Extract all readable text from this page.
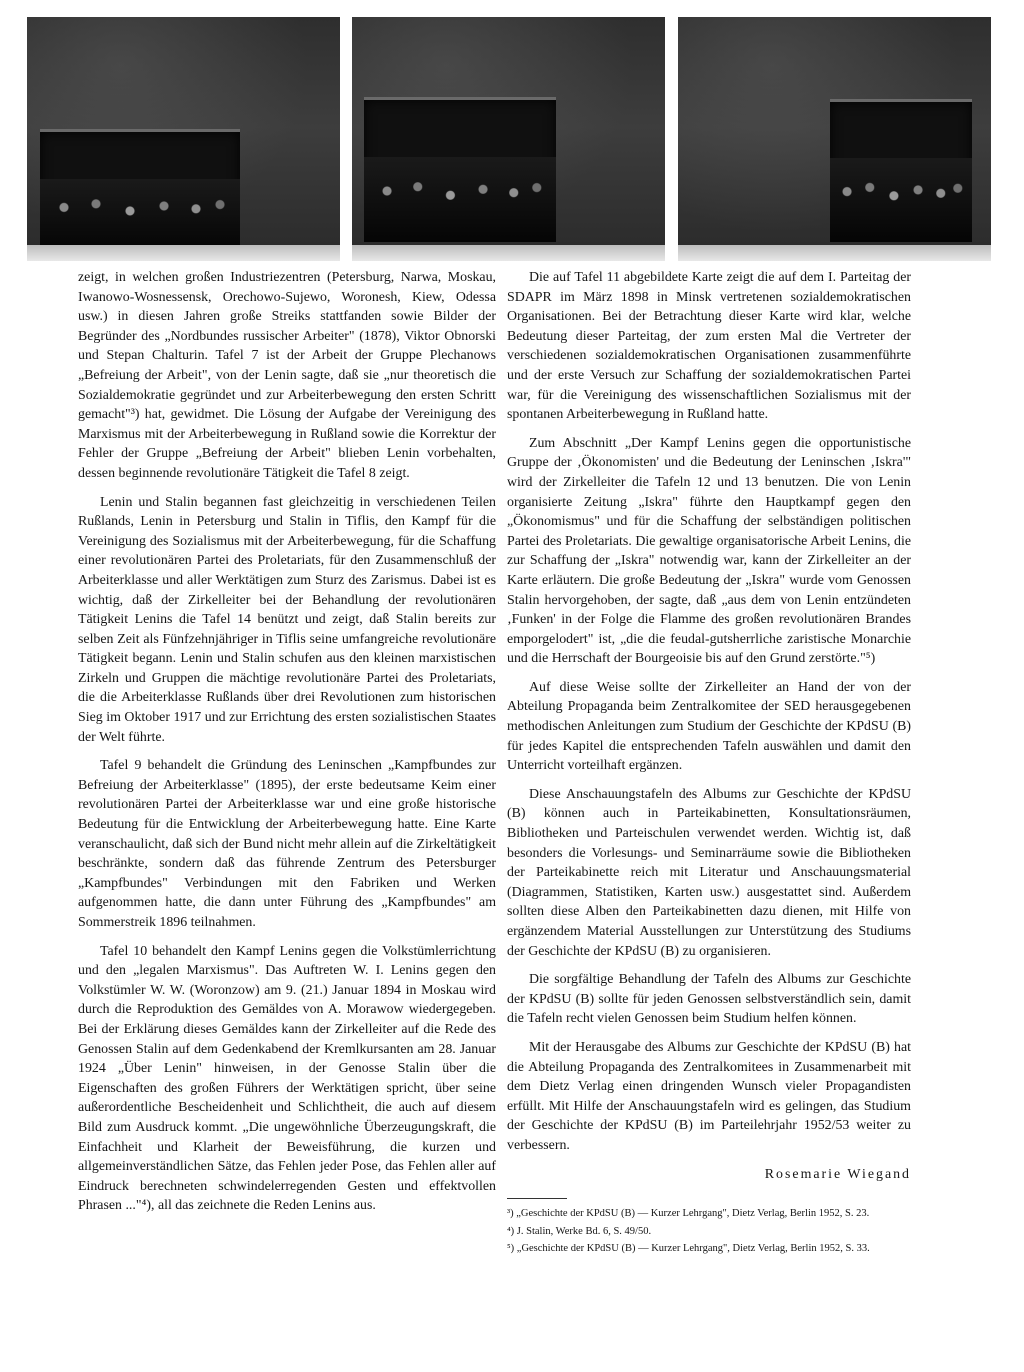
zeigt, in welchen großen Industriezentren (Petersburg, Narwa, Moskau, Iwanowo-Wosnessensk, Orechowo-Sujewo, Woronesh, Kiew, Odessa usw.) in diesen Jahren große Streiks stattfanden sowie Bilder der Begründer des „Nordbundes russischer Arbeiter" (1878), Viktor Obnorski und Stepan Chalturin. Tafel 7 ist der Arbeit der Gruppe Plechanows „Befreiung der Arbeit", von der Lenin sagte, daß sie „nur theoretisch die Sozialdemokratie gegründet und zur Arbeiterbewegung den ersten Schritt gemacht"³) hat, gewidmet. Die Lösung der Aufgabe der Vereinigung des Marxismus mit der Arbeiterbewegung in Rußland sowie die Korrektur der Fehler der Gruppe „Befreiung der Arbeit" blieben Lenin vorbehalten, dessen beginnende revolutionäre Tätigkeit die Tafel 8 zeigt.

Lenin und Stalin begannen fast gleichzeitig in verschiedenen Teilen Rußlands, Lenin in Petersburg und Stalin in Tiflis, den Kampf für die Vereinigung des Sozialismus mit der Arbeiterbewegung, für die Schaffung einer revolutionären Partei des Proletariats, für den Zusammenschluß der Arbeiterklasse und aller Werktätigen zum Sturz des Zarismus. Dabei ist es wichtig, daß der Zirkelleiter bei der Behandlung der revolutionären Tätigkeit Lenins die Tafel 14 benützt und zeigt, daß Stalin bereits zur selben Zeit als Fünfzehnjähriger in Tiflis seine umfangreiche revolutionäre Tätigkeit begann. Lenin und Stalin schufen aus den kleinen marxistischen Zirkeln und Gruppen die mächtige revolutionäre Partei des Proletariats, die die Arbeiterklasse Rußlands über drei Revolutionen zum historischen Sieg im Oktober 1917 und zur Errichtung des ersten sozialistischen Staates der Welt führte.

Tafel 9 behandelt die Gründung des Leninschen „Kampfbundes zur Befreiung der Arbeiterklasse" (1895), der erste bedeutsame Keim einer revolutionären Partei der Arbeiterklasse war und eine große historische Bedeutung für die Entwicklung der Arbeiterbewegung hatte. Eine Karte veranschaulicht, daß sich der Bund nicht mehr allein auf die Zirkeltätigkeit beschränkte, sondern daß das führende Zentrum des Petersburger „Kampfbundes" Verbindungen mit den Fabriken und Werken aufgenommen hatte, die dann unter Führung des „Kampfbundes" am Sommerstreik 1896 teilnahmen.

Tafel 10 behandelt den Kampf Lenins gegen die Volkstümlerrichtung und den „legalen Marxismus". Das Auftreten W. I. Lenins gegen den Volkstümler W. W. (Woronzow) am 9. (21.) Januar 1894 in Moskau wird durch die Reproduktion des Gemäldes von A. Morawow wiedergegeben. Bei der Erklärung dieses Gemäldes kann der Zirkelleiter auf die Rede des Genossen Stalin auf dem Gedenkabend der Kremlkursanten am 28. Januar 1924 „Über Lenin" hinweisen, in der Genosse Stalin über die Eigenschaften des großen Führers der Werktätigen spricht, über seine außerordentliche Bescheidenheit und Schlichtheit, die auch auf diesem Bild zum Ausdruck kommt. „Die ungewöhnliche Überzeugungskraft, die Einfachheit und Klarheit der Beweisführung, die kurzen und allgemeinverständlichen Sätze, das Fehlen jeder Pose, das Fehlen aller auf Eindruck berechneten schwindelerregenden Gesten und effektvollen Phrasen ..."⁴), all das zeichnete die Reden Lenins aus.

Die auf Tafel 11 abgebildete Karte zeigt die auf dem I. Parteitag der SDAPR im März 1898 in Minsk vertretenen sozialdemokratischen Organisationen. Bei der Betrachtung dieser Karte wird klar, welche Bedeutung dieser Parteitag, der zum ersten Mal die Vertreter der verschiedenen sozialdemokratischen Organisationen zusammenführte und der erste Versuch zur Schaffung der sozialdemokratischen Partei war, für die Vereinigung des wissenschaftlichen Sozialismus mit der spontanen Arbeiterbewegung in Rußland hatte.

Zum Abschnitt „Der Kampf Lenins gegen die opportunistische Gruppe der ‚Ökonomisten' und die Bedeutung der Leninschen ‚Iskra'" wird der Zirkelleiter die Tafeln 12 und 13 benutzen. Die von Lenin organisierte Zeitung „Iskra" führte den Hauptkampf gegen den „Ökonomismus" und für die Schaffung der selbständigen politischen Partei des Proletariats. Die gewaltige organisatorische Arbeit Lenins, die zur Schaffung der „Iskra" notwendig war, kann der Zirkelleiter an der Karte erläutern. Die große Bedeutung der „Iskra" wurde vom Genossen Stalin hervorgehoben, der sagte, daß „aus dem von Lenin entzündeten ‚Funken' in der Folge die Flamme des großen revolutionären Brandes emporgelodert" ist, „die die feudal-gutsherrliche zaristische Monarchie und die Herrschaft der Bourgeoisie bis auf den Grund zerstörte."⁵)

Auf diese Weise sollte der Zirkelleiter an Hand der von der Abteilung Propaganda beim Zentralkomitee der SED herausgegebenen methodischen Anleitungen zum Studium der Geschichte der KPdSU (B) für jedes Kapitel die entsprechenden Tafeln auswählen und damit den Unterricht vorteilhaft ergänzen.

Diese Anschauungstafeln des Albums zur Geschichte der KPdSU (B) können auch in Parteikabinetten, Konsultationsräumen, Bibliotheken und Parteischulen verwendet werden. Wichtig ist, daß besonders die Vorlesungs- und Seminarräume sowie die Bibliotheken der Parteikabinette reich mit Literatur und Anschauungsmaterial (Diagrammen, Statistiken, Karten usw.) ausgestattet sind. Außerdem sollten diese Alben den Parteikabinetten dazu dienen, mit Hilfe von ergänzendem Material Ausstellungen zur Unterstützung des Studiums der Geschichte der KPdSU (B) zu organisieren.

Die sorgfältige Behandlung der Tafeln des Albums zur Geschichte der KPdSU (B) sollte für jeden Genossen selbstverständlich sein, damit die Tafeln recht vielen Genossen beim Studium helfen können.

Mit der Herausgabe des Albums zur Geschichte der KPdSU (B) hat die Abteilung Propaganda des Zentralkomitees in Zusammenarbeit mit dem Dietz Verlag einen dringenden Wunsch vieler Propagandisten erfüllt. Mit Hilfe der Anschauungstafeln wird es gelingen, das Studium der Geschichte der KPdSU (B) im Parteilehrjahr 1952/53 weiter zu verbessern.

Rosemarie Wiegand
³) „Geschichte der KPdSU (B) — Kurzer Lehrgang", Dietz Verlag, Berlin 1952, S. 23.
⁴) J. Stalin, Werke Bd. 6, S. 49/50.
⁵) „Geschichte der KPdSU (B) — Kurzer Lehrgang", Dietz Verlag, Berlin 1952, S. 33.
